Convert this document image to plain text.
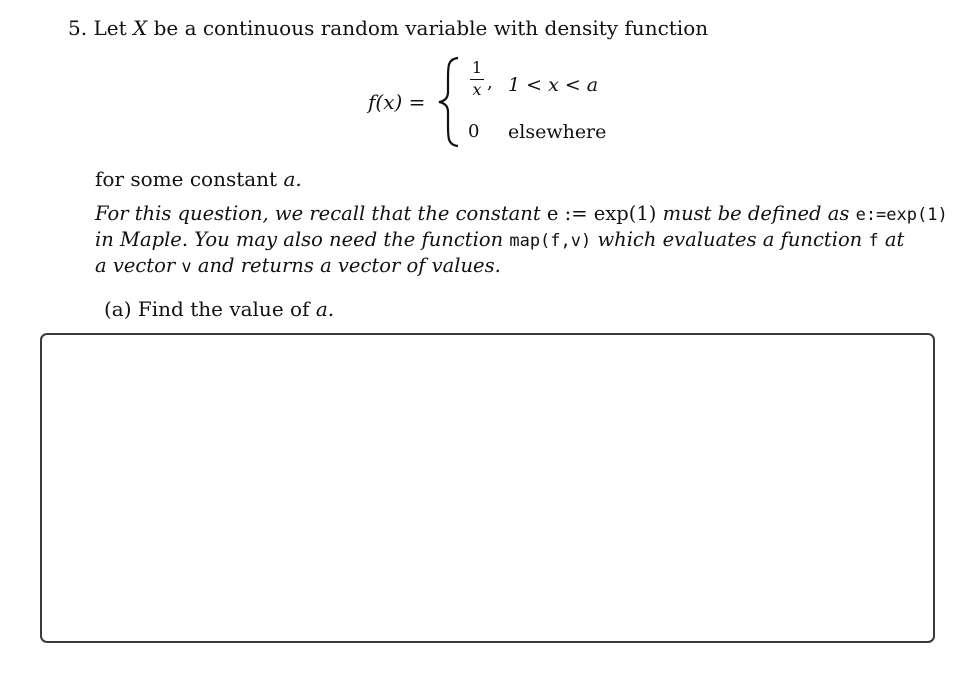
5. Let X be a continuous random variable with density function
f(x) =
1
x , 1 < x < a
0 elsewhere
for some constant a.
For this question, we recall that the constant e := exp(1) must be defined as e:=exp(1)
in Maple. You may also need the function map(f,v) which evaluates a function f at
a vector v and returns a vector of values.
(a) Find the value of a.
